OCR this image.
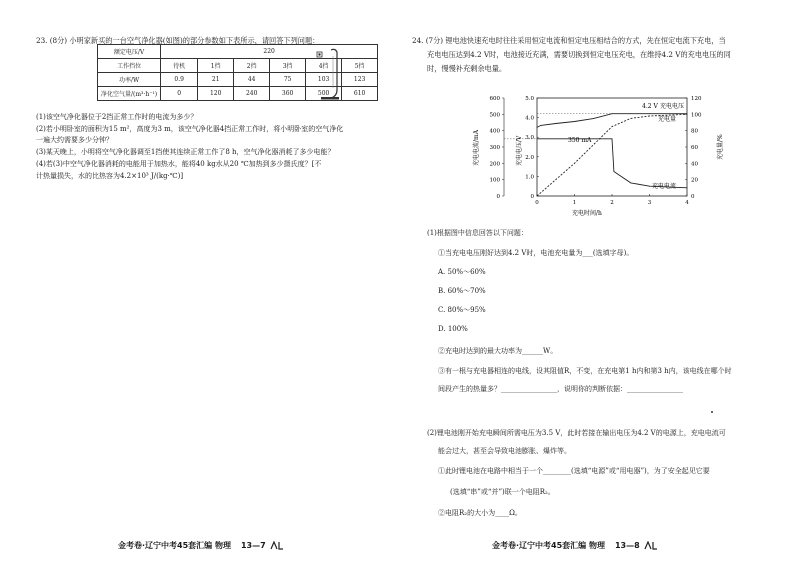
23. (8分) 小明家新买的一台空气净化器(如图)的部分参数如下表所示，请回答下列问题：
额定电压/V	220					
工作挡位	待机	1挡	2挡	3挡	4挡	5挡
功率/W	0.9	21	44	75	103	123
净化空气量/(m³·h⁻¹)	0	120	240	360	500	610
(1)该空气净化器位于2挡正常工作时的电流为多少？
(2)若小明卧室的面积为15 m²，高度为3 m，该空气净化器4挡正常工作时，将小明卧室的空气净化
一遍大约需要多少分钟？
(3)某天晚上，小明将空气净化器调至1挡使其连续正常工作了8 h，空气净化器消耗了多少电能？
(4)若(3)中空气净化器消耗的电能用于加热水，能将40 kg水从20 ℃加热到多少摄氏度？[不
计热量损失，水的比热容为4.2×10³ J/(kg·℃)]
金考卷·辽宁中考45套汇编 物理 13—7
24. (7分) 锂电池快速充电时往往采用恒定电流和恒定电压相结合的方式，先在恒定电流下充电，当
充电电压达到4.2 V时，电池接近充满，需要切换到恒定电压充电，在维持4.2 V的充电电压的同
时，慢慢补充剩余电量。
0	1	2	3	4
0
100
200
300
400
500
600
0
1.0
2.0
3.0
4.0
5.0
0
20
40
60
80
100
120
充电时间/h
充电电流/mA	充电电压/V	充电量/%
4.2 V 充电电压
充电量
充电电流
350 mA
(1)根据图中信息回答以下问题：
①当充电电压刚好达到4.2 V时，电池充电量为___(选填字母)。
A. 50%～60%
B. 60%～70%
C. 80%～95%
D. 100%
②充电时达到的最大功率为______W。
③有一根与充电器相连的电线，设其阻值R，不变，在充电第1 h内和第3 h内，该电线在哪个时
间段产生的热量多？________________，说明你的判断依据：________________
(2)锂电池刚开始充电瞬间所需电压为3.5 V，此时若接在输出电压为4.2 V的电源上，充电电流可
能会过大，甚至会导致电池膨胀、爆炸等。
①此时锂电池在电路中相当于一个________(选填“电源”或“用电器”)，为了安全起见它要
(选填“串”或“并”)联一个电阻R₂。
②电阻R₂的大小为____Ω。
金考卷·辽宁中考45套汇编 物理 13—8
